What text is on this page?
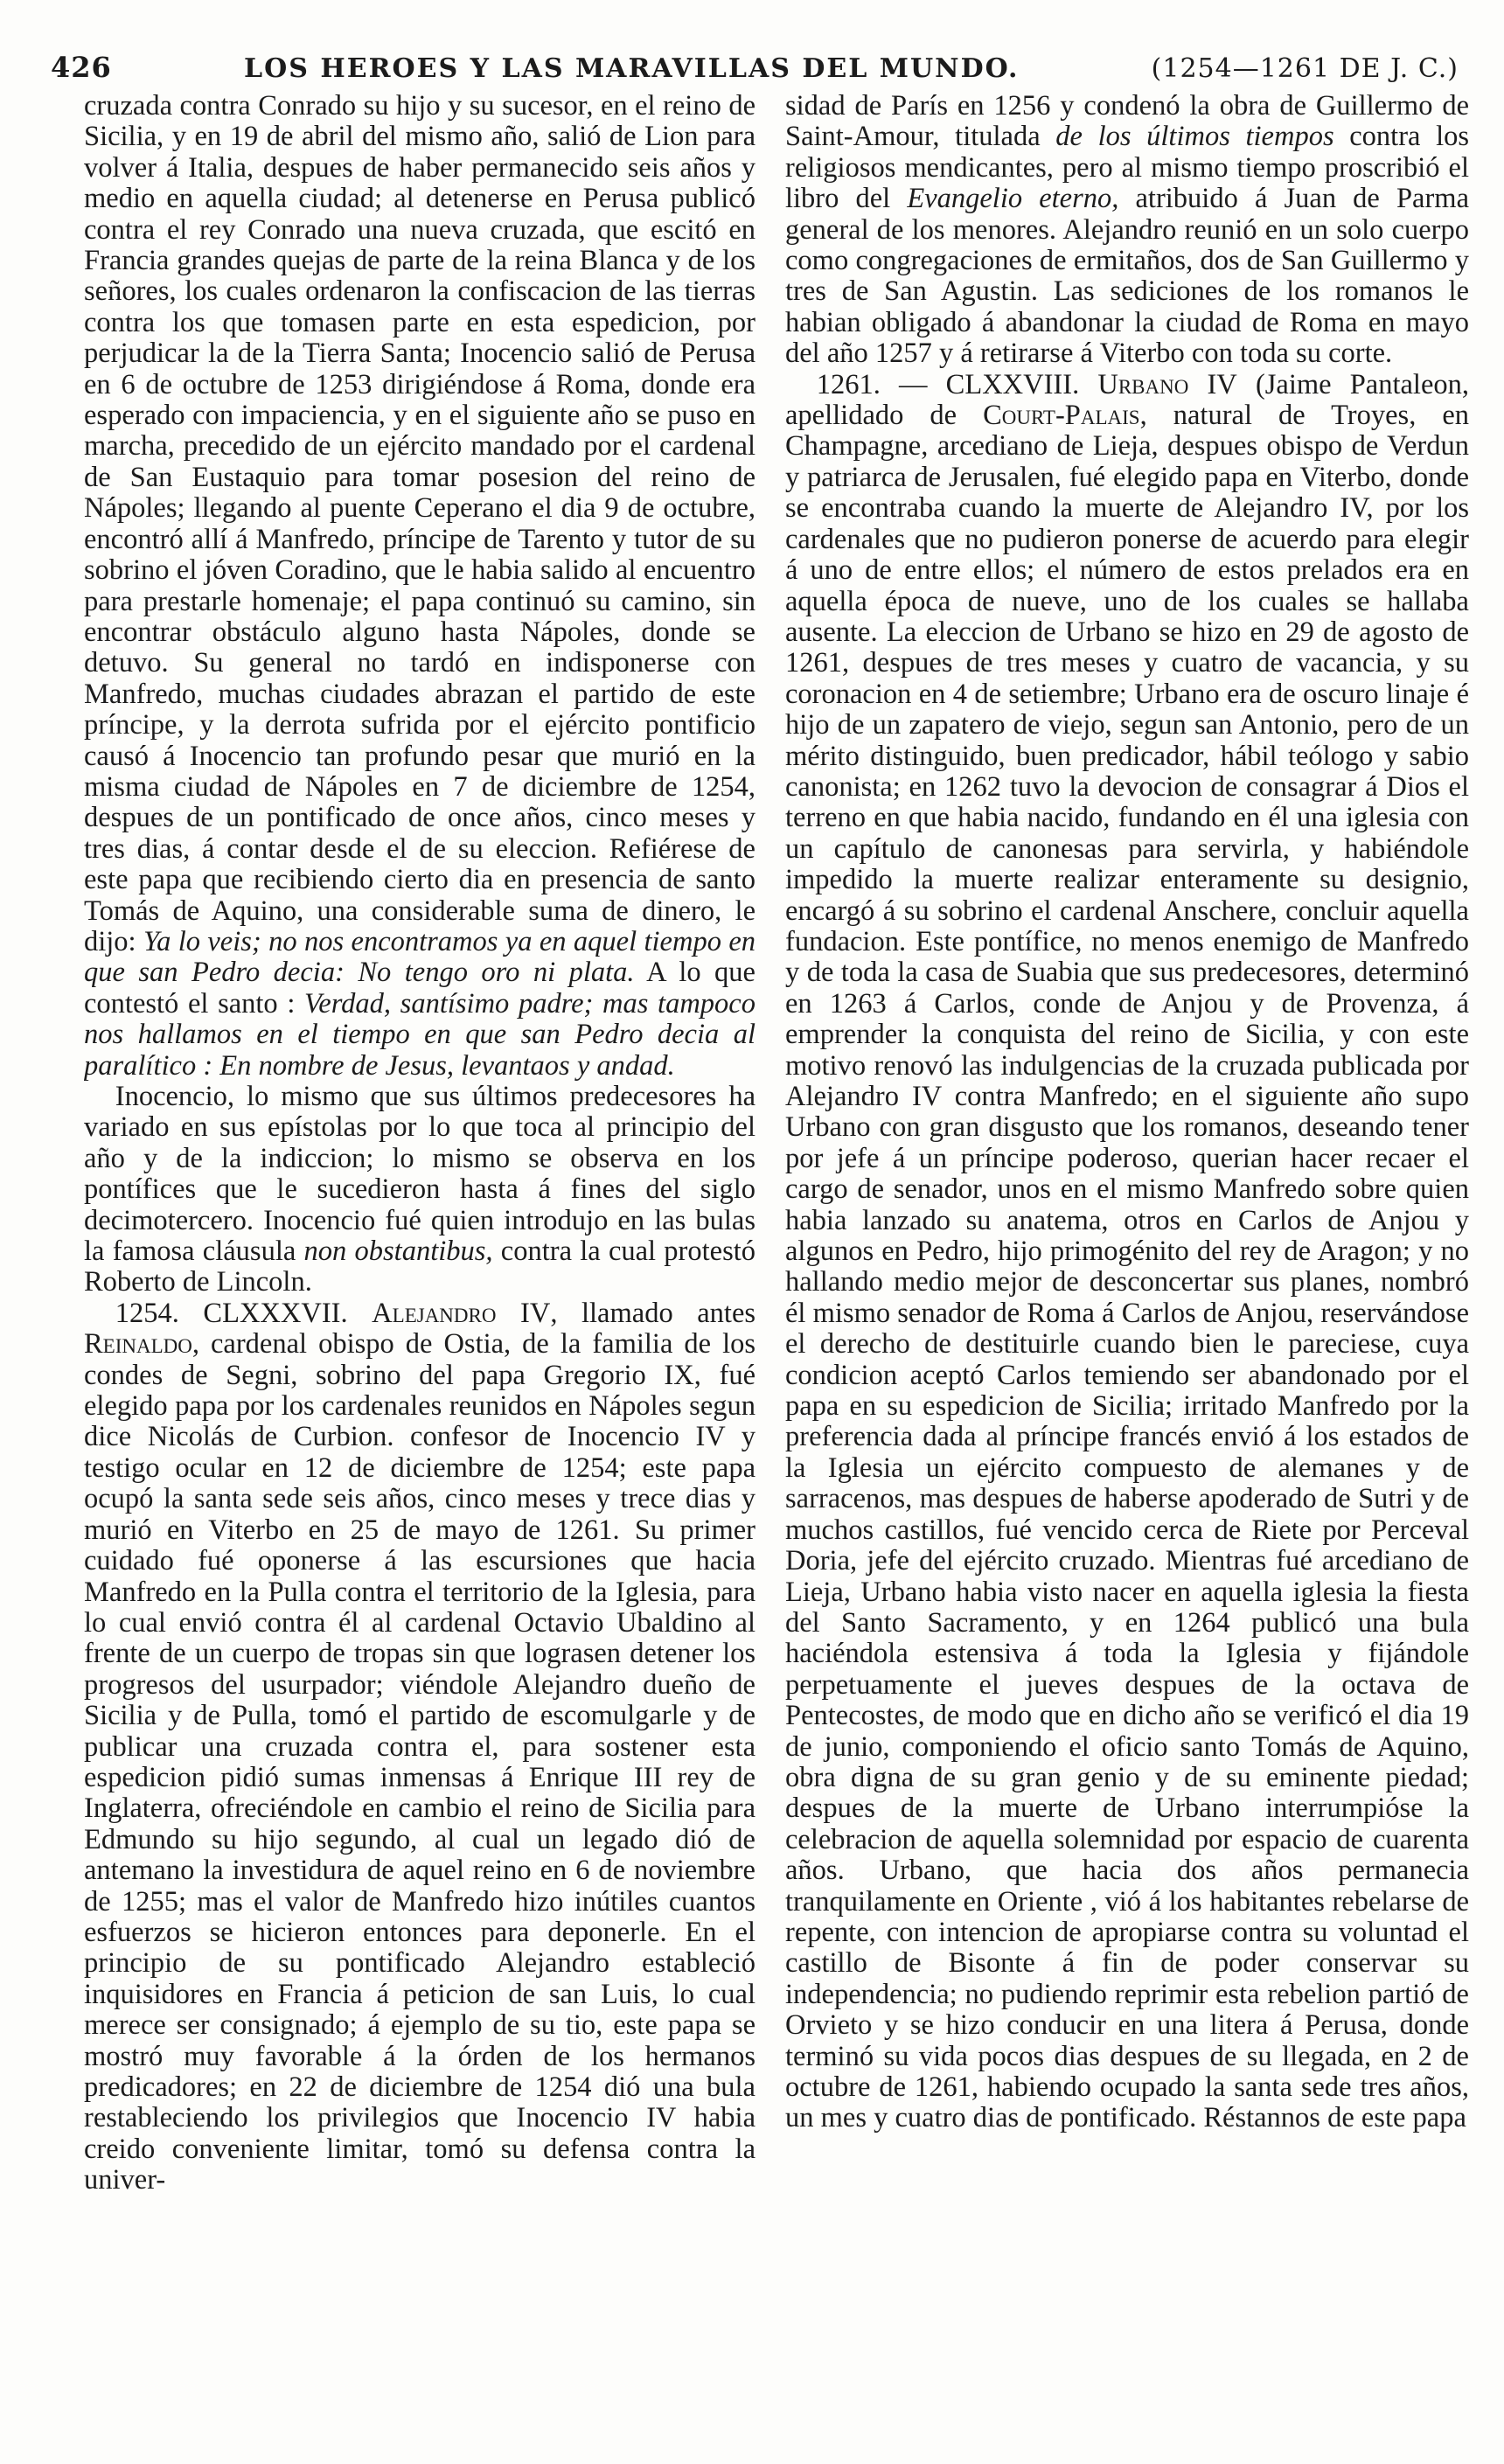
426	LOS HEROES Y LAS MARAVILLAS DEL MUNDO.	(1254—1261 DE J. C.)

cruzada contra Conrado su hijo y su sucesor, en el reino de Sicilia, y en 19 de abril del mismo año, salió de Lion para volver á Italia, despues de haber permanecido seis años y medio en aquella ciudad; al detenerse en Perusa publicó contra el rey Conrado una nueva cruzada, que escitó en Francia grandes quejas de parte de la reina Blanca y de los señores, los cuales ordenaron la confiscacion de las tierras contra los que tomasen parte en esta espedicion, por perjudicar la de la Tierra Santa; Inocencio salió de Perusa en 6 de octubre de 1253 dirigiéndose á Roma, donde era esperado con impaciencia, y en el siguiente año se puso en marcha, precedido de un ejército mandado por el cardenal de San Eustaquio para tomar posesion del reino de Nápoles; llegando al puente Ceperano el dia 9 de octubre, encontró allí á Manfredo, príncipe de Tarento y tutor de su sobrino el jóven Coradino, que le habia salido al encuentro para prestarle homenaje; el papa continuó su camino, sin encontrar obstáculo alguno hasta Nápoles, donde se detuvo. Su general no tardó en indisponerse con Manfredo, muchas ciudades abrazan el partido de este príncipe, y la derrota sufrida por el ejército pontificio causó á Inocencio tan profundo pesar que murió en la misma ciudad de Nápoles en 7 de diciembre de 1254, despues de un pontificado de once años, cinco meses y tres dias, á contar desde el de su eleccion. Refiérese de este papa que recibiendo cierto dia en presencia de santo Tomás de Aquino, una considerable suma de dinero, le dijo: Ya lo veis; no nos encontramos ya en aquel tiempo en que san Pedro decia: No tengo oro ni plata. A lo que contestó el santo : Verdad, santísimo padre; mas tampoco nos hallamos en el tiempo en que san Pedro decia al paralítico : En nombre de Jesus, levantaos y andad.

Inocencio, lo mismo que sus últimos predecesores ha variado en sus epístolas por lo que toca al principio del año y de la indiccion; lo mismo se observa en los pontífices que le sucedieron hasta á fines del siglo decimotercero. Inocencio fué quien introdujo en las bulas la famosa cláusula non obstantibus, contra la cual protestó Roberto de Lincoln.

1254. CLXXXVII. Alejandro IV, llamado antes Reinaldo, cardenal obispo de Ostia, de la familia de los condes de Segni, sobrino del papa Gregorio IX, fué elegido papa por los cardenales reunidos en Nápoles segun dice Nicolás de Curbion. confesor de Inocencio IV y testigo ocular en 12 de diciembre de 1254; este papa ocupó la santa sede seis años, cinco meses y trece dias y murió en Viterbo en 25 de mayo de 1261. Su primer cuidado fué oponerse á las escursiones que hacia Manfredo en la Pulla contra el territorio de la Iglesia, para lo cual envió contra él al cardenal Octavio Ubaldino al frente de un cuerpo de tropas sin que lograsen detener los progresos del usurpador; viéndole Alejandro dueño de Sicilia y de Pulla, tomó el partido de escomulgarle y de publicar una cruzada contra el, para sostener esta espedicion pidió sumas inmensas á Enrique III rey de Inglaterra, ofreciéndole en cambio el reino de Sicilia para Edmundo su hijo segundo, al cual un legado dió de antemano la investidura de aquel reino en 6 de noviembre de 1255; mas el valor de Manfredo hizo inútiles cuantos esfuerzos se hicieron entonces para deponerle. En el principio de su pontificado Alejandro estableció inquisidores en Francia á peticion de san Luis, lo cual merece ser consignado; á ejemplo de su tio, este papa se mostró muy favorable á la órden de los hermanos predicadores; en 22 de diciembre de 1254 dió una bula restableciendo los privilegios que Inocencio IV habia creido conveniente limitar, tomó su defensa contra la univer-

sidad de París en 1256 y condenó la obra de Guillermo de Saint-Amour, titulada de los últimos tiempos contra los religiosos mendicantes, pero al mismo tiempo proscribió el libro del Evangelio eterno, atribuido á Juan de Parma general de los menores. Alejandro reunió en un solo cuerpo como congregaciones de ermitaños, dos de San Guillermo y tres de San Agustin. Las sediciones de los romanos le habian obligado á abandonar la ciudad de Roma en mayo del año 1257 y á retirarse á Viterbo con toda su corte.

1261. — CLXXVIII. Urbano IV (Jaime Pantaleon, apellidado de Court-Palais, natural de Troyes, en Champagne, arcediano de Lieja, despues obispo de Verdun y patriarca de Jerusalen, fué elegido papa en Viterbo, donde se encontraba cuando la muerte de Alejandro IV, por los cardenales que no pudieron ponerse de acuerdo para elegir á uno de entre ellos; el número de estos prelados era en aquella época de nueve, uno de los cuales se hallaba ausente. La eleccion de Urbano se hizo en 29 de agosto de 1261, despues de tres meses y cuatro de vacancia, y su coronacion en 4 de setiembre; Urbano era de oscuro linaje é hijo de un zapatero de viejo, segun san Antonio, pero de un mérito distinguido, buen predicador, hábil teólogo y sabio canonista; en 1262 tuvo la devocion de consagrar á Dios el terreno en que habia nacido, fundando en él una iglesia con un capítulo de canonesas para servirla, y habiéndole impedido la muerte realizar enteramente su designio, encargó á su sobrino el cardenal Anschere, concluir aquella fundacion. Este pontífice, no menos enemigo de Manfredo y de toda la casa de Suabia que sus predecesores, determinó en 1263 á Carlos, conde de Anjou y de Provenza, á emprender la conquista del reino de Sicilia, y con este motivo renovó las indulgencias de la cruzada publicada por Alejandro IV contra Manfredo; en el siguiente año supo Urbano con gran disgusto que los romanos, deseando tener por jefe á un príncipe poderoso, querian hacer recaer el cargo de senador, unos en el mismo Manfredo sobre quien habia lanzado su anatema, otros en Carlos de Anjou y algunos en Pedro, hijo primogénito del rey de Aragon; y no hallando medio mejor de desconcertar sus planes, nombró él mismo senador de Roma á Carlos de Anjou, reservándose el derecho de destituirle cuando bien le pareciese, cuya condicion aceptó Carlos temiendo ser abandonado por el papa en su espedicion de Sicilia; irritado Manfredo por la preferencia dada al príncipe francés envió á los estados de la Iglesia un ejército compuesto de alemanes y de sarracenos, mas despues de haberse apoderado de Sutri y de muchos castillos, fué vencido cerca de Riete por Perceval Doria, jefe del ejército cruzado. Mientras fué arcediano de Lieja, Urbano habia visto nacer en aquella iglesia la fiesta del Santo Sacramento, y en 1264 publicó una bula haciéndola estensiva á toda la Iglesia y fijándole perpetuamente el jueves despues de la octava de Pentecostes, de modo que en dicho año se verificó el dia 19 de junio, componiendo el oficio santo Tomás de Aquino, obra digna de su gran genio y de su eminente piedad; despues de la muerte de Urbano interrumpióse la celebracion de aquella solemnidad por espacio de cuarenta años. Urbano, que hacia dos años permanecia tranquilamente en Oriente , vió á los habitantes rebelarse de repente, con intencion de apropiarse contra su voluntad el castillo de Bisonte á fin de poder conservar su independencia; no pudiendo reprimir esta rebelion partió de Orvieto y se hizo conducir en una litera á Perusa, donde terminó su vida pocos dias despues de su llegada, en 2 de octubre de 1261, habiendo ocupado la santa sede tres años, un mes y cuatro dias de pontificado. Réstannos de este papa
